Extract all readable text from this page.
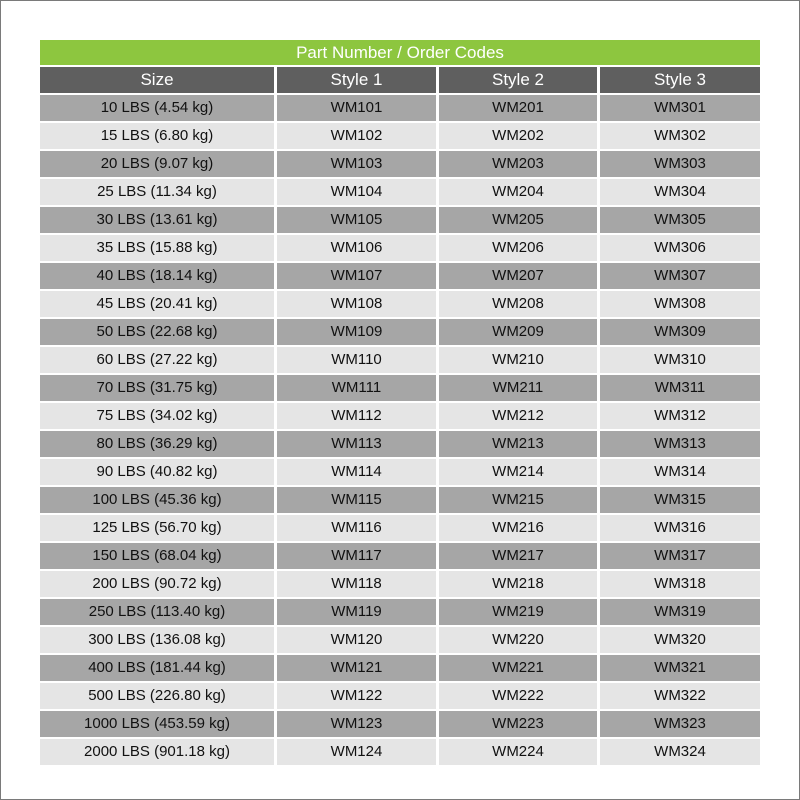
Part Number / Order Codes
Size	Style 1	Style 2	Style 3
10 LBS (4.54 kg)	WM101	WM201	WM301
15 LBS (6.80 kg)	WM102	WM202	WM302
20 LBS (9.07 kg)	WM103	WM203	WM303
25 LBS (11.34 kg)	WM104	WM204	WM304
30 LBS (13.61 kg)	WM105	WM205	WM305
35 LBS (15.88 kg)	WM106	WM206	WM306
40 LBS (18.14 kg)	WM107	WM207	WM307
45 LBS (20.41 kg)	WM108	WM208	WM308
50 LBS (22.68 kg)	WM109	WM209	WM309
60 LBS (27.22 kg)	WM110	WM210	WM310
70 LBS (31.75 kg)	WM111	WM211	WM311
75 LBS (34.02 kg)	WM112	WM212	WM312
80 LBS (36.29 kg)	WM113	WM213	WM313
90 LBS (40.82 kg)	WM114	WM214	WM314
100 LBS (45.36 kg)	WM115	WM215	WM315
125 LBS (56.70 kg)	WM116	WM216	WM316
150 LBS (68.04 kg)	WM117	WM217	WM317
200 LBS (90.72 kg)	WM118	WM218	WM318
250 LBS (113.40 kg)	WM119	WM219	WM319
300 LBS (136.08 kg)	WM120	WM220	WM320
400 LBS (181.44 kg)	WM121	WM221	WM321
500 LBS (226.80 kg)	WM122	WM222	WM322
1000 LBS (453.59 kg)	WM123	WM223	WM323
2000 LBS (901.18 kg)	WM124	WM224	WM324
